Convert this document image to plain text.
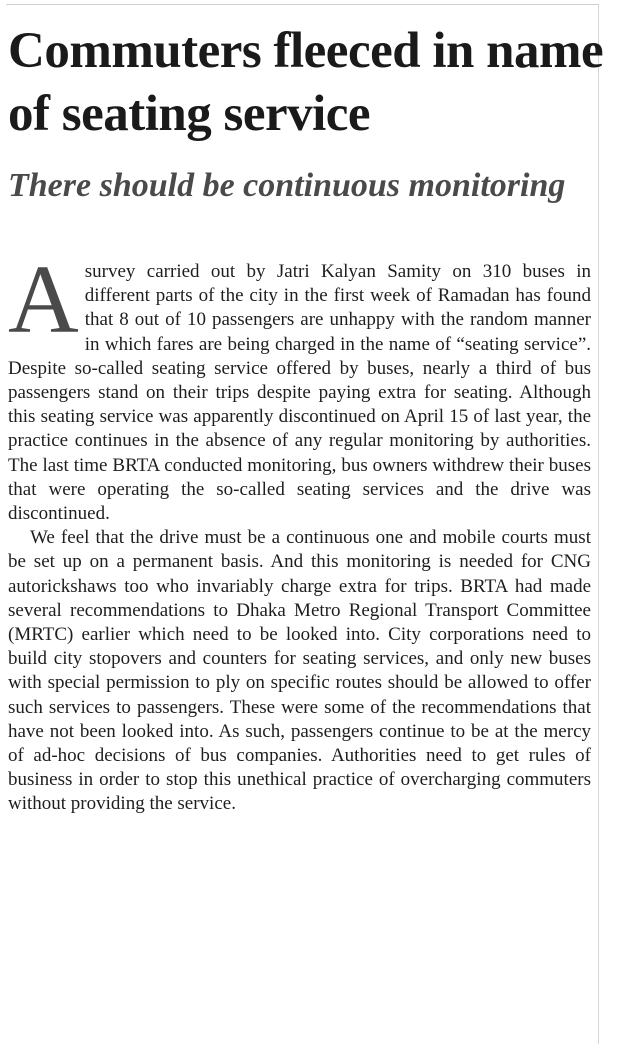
Commuters fleeced in name of seating service
There should be continuous monitoring

Asurvey carried out by Jatri Kalyan Samity on 310 buses in different parts of the city in the first week of Ramadan has found that 8 out of 10 passengers are unhappy with the random manner in which fares are being charged in the name of “seating service”. Despite so-called seating service offered by buses, nearly a third of bus passengers stand on their trips despite paying extra for seating. Although this seating service was apparently discontinued on April 15 of last year, the practice continues in the absence of any regular monitoring by authorities. The last time BRTA conducted monitoring, bus owners withdrew their buses that were operating the so-called seating services and the drive was discontinued.

We feel that the drive must be a continuous one and mobile courts must be set up on a permanent basis. And this monitoring is needed for CNG autorickshaws too who invariably charge extra for trips. BRTA had made several recommendations to Dhaka Metro Regional Transport Committee (MRTC) earlier which need to be looked into. City corporations need to build city stopovers and counters for seating services, and only new buses with special permission to ply on specific routes should be allowed to offer such services to passengers. These were some of the recommendations that have not been looked into. As such, passengers continue to be at the mercy of ad-hoc decisions of bus companies. Authorities need to get rules of business in order to stop this unethical practice of overcharging commuters without providing the service.
